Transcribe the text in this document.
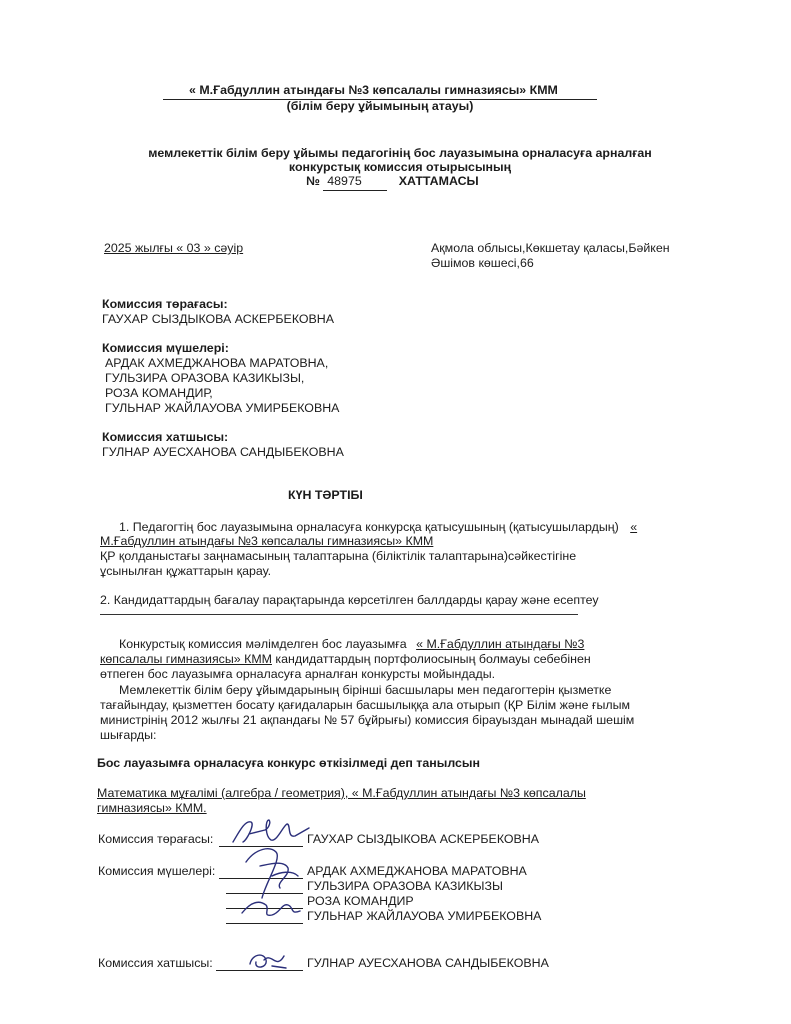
« М.Ғабдуллин атындағы №3 көпсалалы гимназиясы» КММ
(білім беру ұйымының атауы)
мемлекеттік білім беру ұйымы педагогінің бос лауазымына орналасуға арналған
конкурстық комиссия отырысының
№ 48975	ХАТТАМАСЫ
2025 жылғы « 03 » сәуір	Ақмола облысы,Көкшетау қаласы,Бәйкен
Әшімов көшесі,66
Комиссия төрағасы:
ГАУХАР СЫЗДЫКОВА АСКЕРБЕКОВНА
Комиссия мүшелері:
АРДАК АХМЕДЖАНОВА МАРАТОВНА,
ГУЛЬЗИРА ОРАЗОВА КАЗИКЫЗЫ,
РОЗА КОМАНДИР,
ГУЛЬНАР ЖАЙЛАУОВА УМИРБЕКОВНА
Комиссия хатшысы:
ГУЛНАР АУЕСХАНОВА САНДЫБЕКОВНА
КҮН ТӘРТІБІ
1. Педагогтің бос лауазымына орналасуға конкурсқа қатысушының (қатысушылардың) «
М.Ғабдуллин атындағы №3 көпсалалы гимназиясы» КММ
ҚР қолданыстағы заңнамасының талаптарына (біліктілік талаптарына)сәйкестігіне
ұсынылған құжаттарын қарау.
2. Кандидаттардың бағалау парақтарында көрсетілген баллдарды қарау және есептеу
Конкурстық комиссия мәлімделген бос лауазымға « М.Ғабдуллин атындағы №3
көпсалалы гимназиясы» КММ кандидаттардың портфолиосының болмауы себебінен
өтпеген бос лауазымға орналасуға арналған конкурсты мойындады.
Мемлекеттік білім беру ұйымдарының бірінші басшылары мен педагогтерін қызметке
тағайындау, қызметтен босату қағидаларын басшылыққа ала отырып (ҚР Білім және ғылым
министрінің 2012 жылғы 21 ақпандағы № 57 бұйрығы) комиссия бірауыздан мынадай шешім
шығарды:
Бос лауазымға орналасуға конкурс өткізілмеді деп танылсын
Математика мұғалімі (алгебра / геометрия), « М.Ғабдуллин атындағы №3 көпсалалы
гимназиясы» КММ.
Комиссия төрағасы:	ГАУХАР СЫЗДЫКОВА АСКЕРБЕКОВНА
Комиссия мүшелері:	АРДАК АХМЕДЖАНОВА МАРАТОВНА
ГУЛЬЗИРА ОРАЗОВА КАЗИКЫЗЫ
РОЗА КОМАНДИР
ГУЛЬНАР ЖАЙЛАУОВА УМИРБЕКОВНА
Комиссия хатшысы:	ГУЛНАР АУЕСХАНОВА САНДЫБЕКОВНА
